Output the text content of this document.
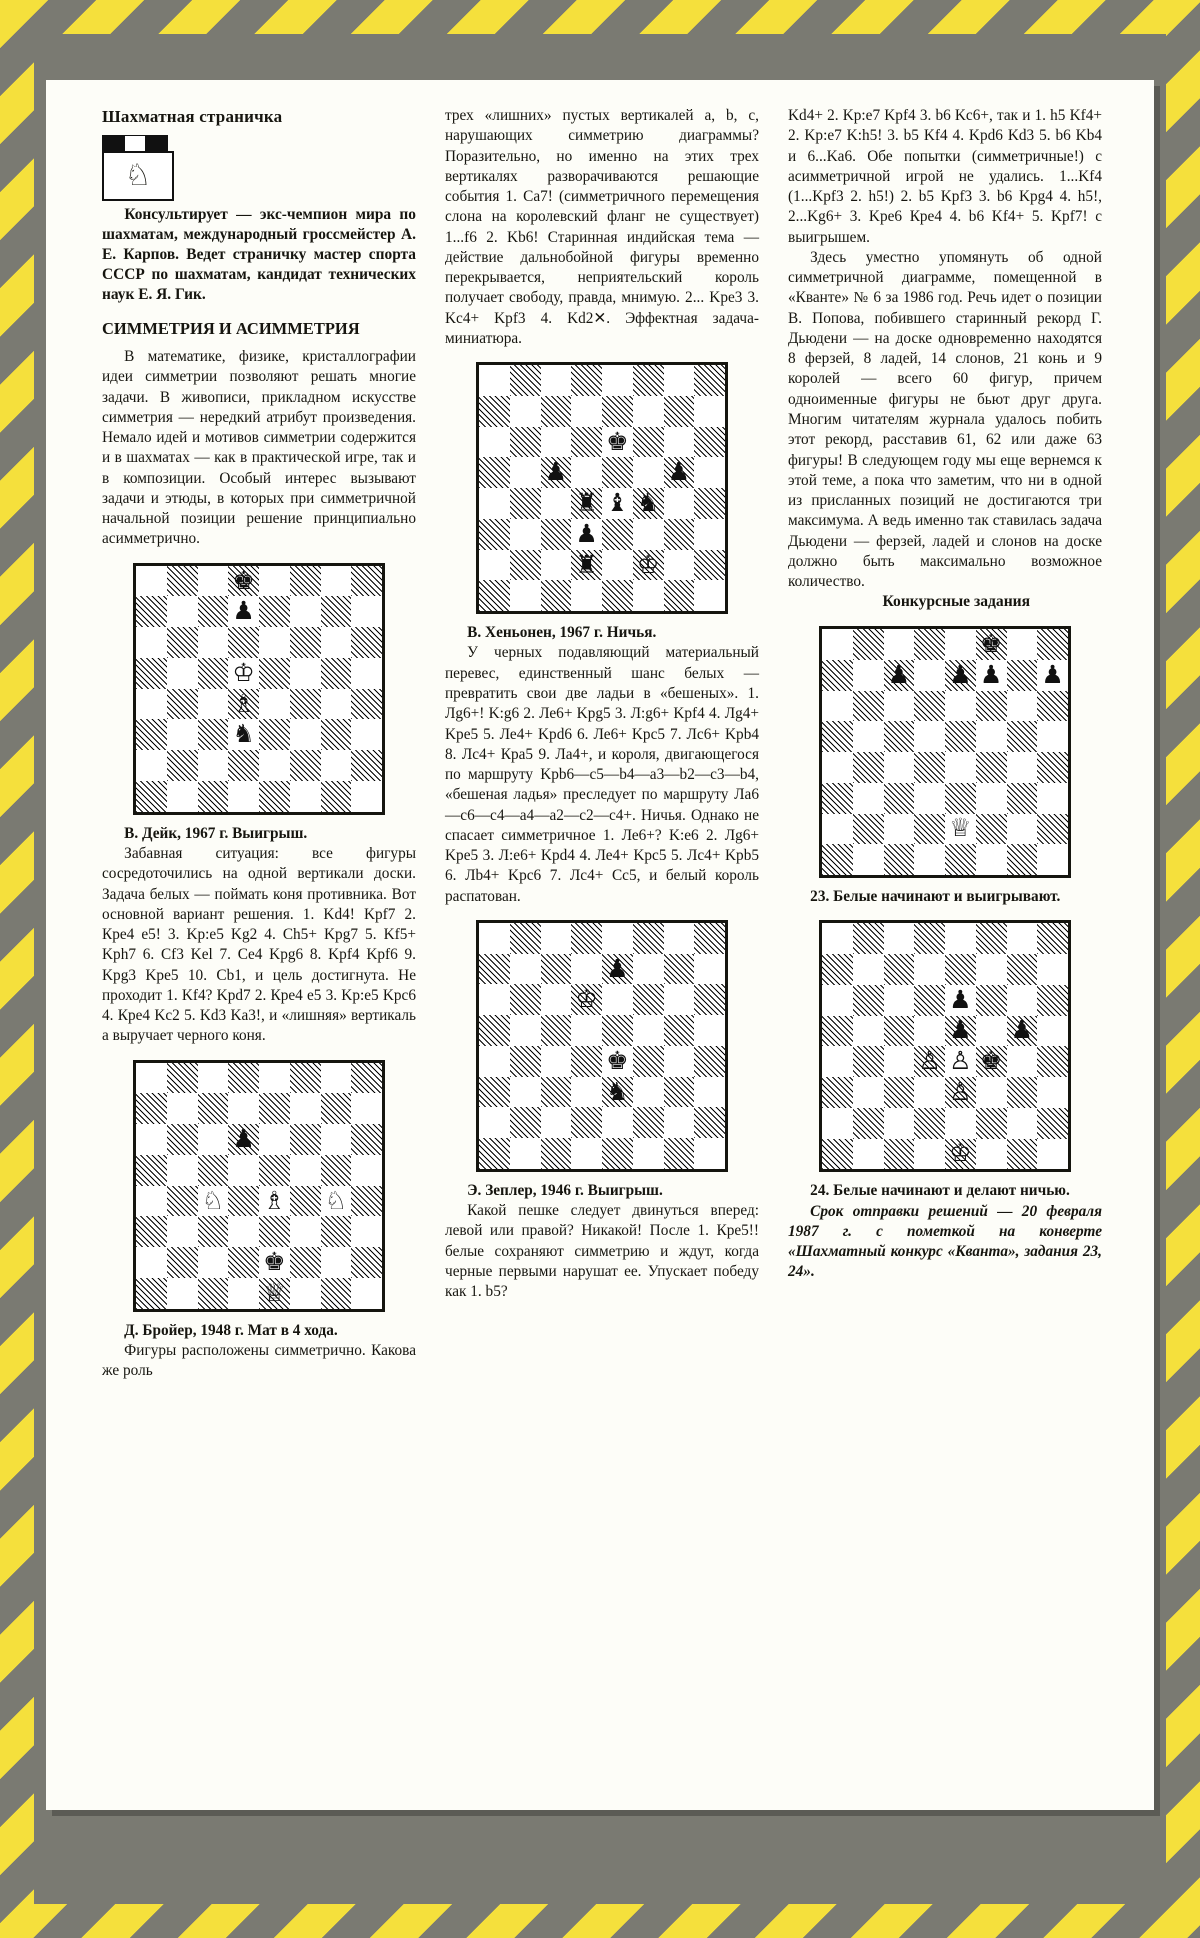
Шахматная страничка
♘

Консультирует — экс-чемпион мира по шахматам, международный гроссмейстер А. Е. Карпов. Ведет страничку мастер спорта СССР по шахматам, кандидат технических наук Е. Я. Гик.

СИММЕТРИЯ И АСИММЕТРИЯ

В математике, физике, кристаллографии идеи симметрии позволяют решать многие задачи. В живописи, прикладном искусстве симметрия — нередкий атрибут произведения. Немало идей и мотивов симметрии содержится и в шахматах — как в практической игре, так и в композиции. Особый интерес вызывают задачи и этюды, в которых при симметричной начальной позиции решение принципиально асимметрично.

♚
♟
♔
♗
♞

В. Дейк, 1967 г. Выигрыш.

Забавная ситуация: все фигуры сосредоточились на одной вертикали доски. Задача белых — поймать коня противника. Вот основной вариант решения. 1. Kd4! Kpf7 2. Кре4 e5! 3. Kp:e5 Kg2 4. Ch5+ Kpg7 5. Kf5+ Kph7 6. Cf3 Kel 7. Ce4 Kpg6 8. Kpf4 Kpf6 9. Kpg3 Kpe5 10. Cb1, и цель достигнута. Не проходит 1. Kf4? Kpd7 2. Кре4 e5 3. Kp:e5 Kpc6 4. Кре4 Kc2 5. Kd3 Ka3!, и «лишняя» вертикаль а выручает черного коня.

♟
♘ ♗ ♘
♚
♕

Д. Бройер, 1948 г. Мат в 4 хода.

Фигуры расположены симметрично. Какова же роль

трех «лишних» пустых вертикалей a, b, c, нарушающих симметрию диаграммы? Поразительно, но именно на этих трех вертикалях разворачиваются решающие события 1. Ca7! (симметричного перемещения слона на королевский фланг не существует) 1...f6 2. Kb6! Старинная индийская тема — действие дальнобойной фигуры временно перекрывается, неприятельский король получает свободу, правда, мнимую. 2... Kpe3 3. Kc4+ Kpf3 4. Kd2✕. Эффектная задача-миниатюра.

♚
♟	♟
♜ ♝ ♞
♟
♜ ♔

В. Хеньонен, 1967 г. Ничья.

У черных подавляющий материальный перевес, единственный шанс белых — превратить свои две ладьи в «бешеных». 1. Лg6+! K:g6 2. Ле6+ Kpg5 3. Л:g6+ Kpf4 4. Лg4+ Kpe5 5. Ле4+ Kpd6 6. Ле6+ Kpc5 7. Лс6+ Kpb4 8. Лс4+ Кра5 9. Ла4+, и короля, двигающегося по маршруту Kpb6—c5—b4—a3—b2—c3—b4, «бешеная ладья» преследует по маршруту Ла6—c6—c4—a4—a2—c2—c4+. Ничья. Однако не спасает симметричное 1. Ле6+? K:e6 2. Лg6+ Kpe5 3. Л:е6+ Kpd4 4. Ле4+ Kpc5 5. Лс4+ Kpb5 6. Лb4+ Kpc6 7. Лс4+ Cc5, и белый король распатован.

♟
♔
♚
♞

Э. Зеплер, 1946 г. Выигрыш.

Какой пешке следует двинуться вперед: левой или правой? Никакой! После 1. Кре5!! белые сохраняют симметрию и ждут, когда черные первыми нарушат ее. Упускает победу как 1. b5?

Kd4+ 2. Kp:e7 Kpf4 3. b6 Kc6+, так и 1. h5 Kf4+ 2. Kp:e7 K:h5! 3. b5 Kf4 4. Kpd6 Kd3 5. b6 Kb4 и 6...Ka6. Обе попытки (симметричные!) с асимметричной игрой не удались. 1...Kf4 (1...Kpf3 2. h5!) 2. b5 Kpf3 3. b6 Kpg4 4. h5!, 2...Kg6+ 3. Kpe6 Кре4 4. b6 Kf4+ 5. Kpf7! с выигрышем.

Здесь уместно упомянуть об одной симметричной диаграмме, помещенной в «Кванте» № 6 за 1986 год. Речь идет о позиции В. Попова, побившего старинный рекорд Г. Дьюдени — на доске одновременно находятся 8 ферзей, 8 ладей, 14 слонов, 21 конь и 9 королей — всего 60 фигур, причем одноименные фигуры не бьют друг друга. Многим читателям журнала удалось побить этот рекорд, расставив 61, 62 или даже 63 фигуры! В следующем году мы еще вернемся к этой теме, а пока что заметим, что ни в одной из присланных позиций не достигаются три максимума. А ведь именно так ставилась задача Дьюдени — ферзей, ладей и слонов на доске должно быть максимально возможное количество.

Конкурсные задания

♚
♟ ♟ ♟ ♟
♕

23. Белые начинают и выигрывают.

♟
♟ ♟
♙ ♙ ♚
♙
♔

24. Белые начинают и делают ничью.

Срок отправки решений — 20 февраля 1987 г. с пометкой на конверте «Шахматный конкурс «Кванта», задания 23, 24».
